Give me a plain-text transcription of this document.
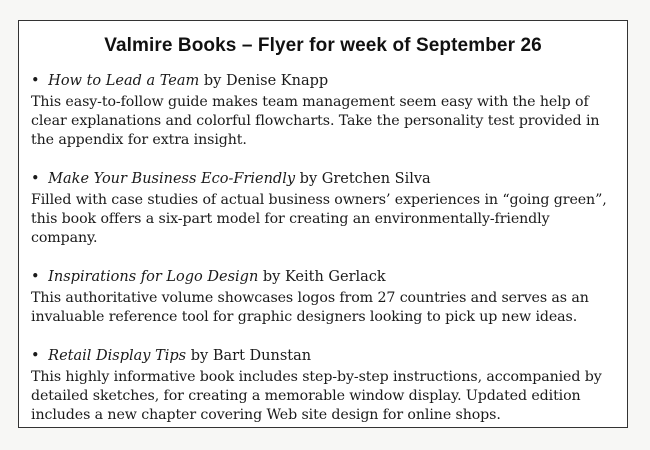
Valmire Books – Flyer for week of September 26
• How to Lead a Team by Denise Knapp
This easy-to-follow guide makes team management seem easy with the help of clear explanations and colorful flowcharts. Take the personality test provided in the appendix for extra insight.
• Make Your Business Eco-Friendly by Gretchen Silva
Filled with case studies of actual business owners’ experiences in “going green”, this book offers a six-part model for creating an environmentally-friendly company.
• Inspirations for Logo Design by Keith Gerlack
This authoritative volume showcases logos from 27 countries and serves as an invaluable reference tool for graphic designers looking to pick up new ideas.
• Retail Display Tips by Bart Dunstan
This highly informative book includes step-by-step instructions, accompanied by detailed sketches, for creating a memorable window display. Updated edition includes a new chapter covering Web site design for online shops.
